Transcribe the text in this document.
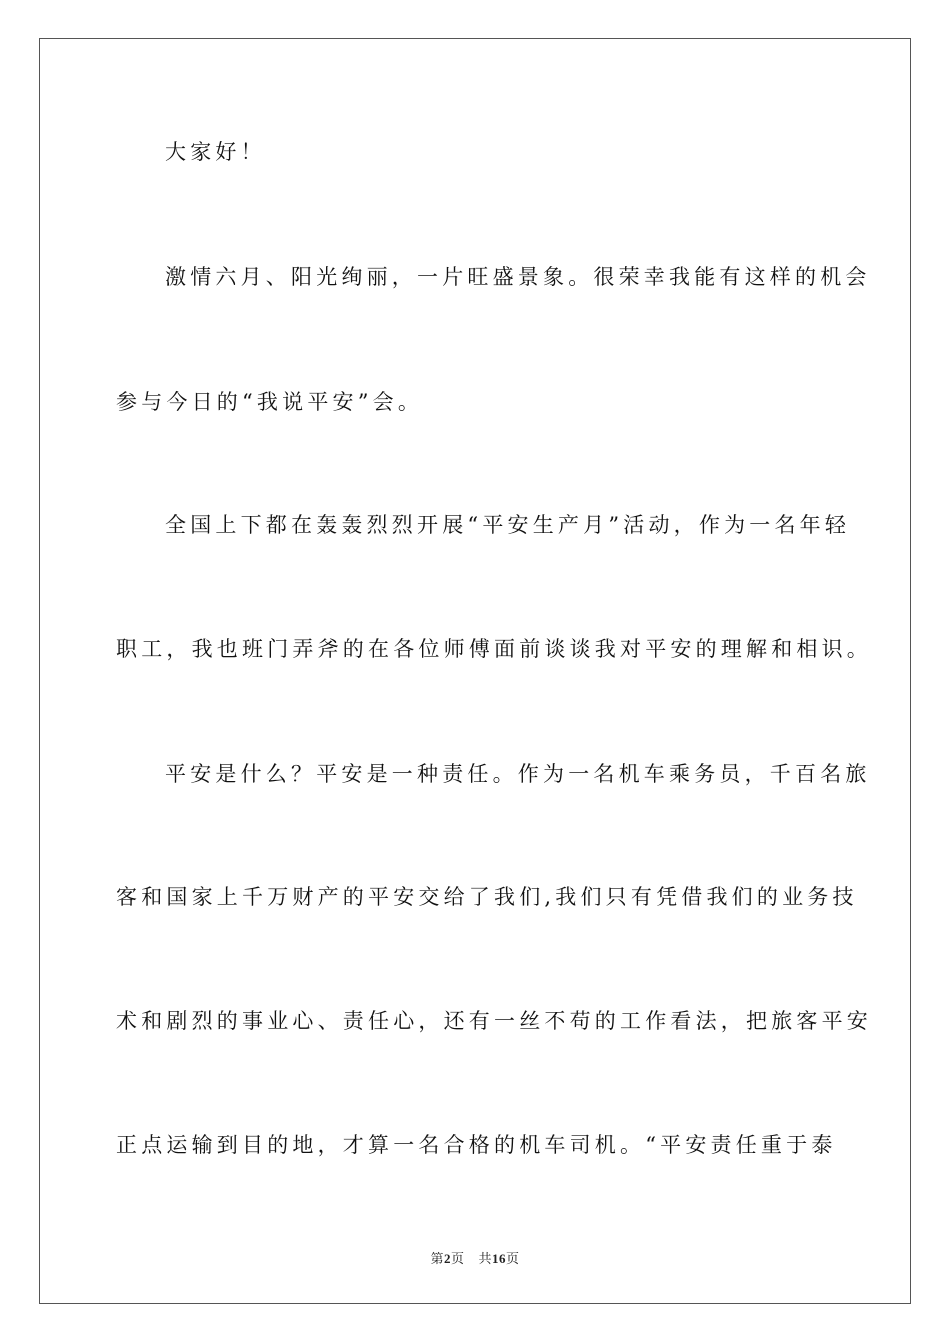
大家好！
激情六月、阳光绚丽，一片旺盛景象。很荣幸我能有这样的机会
参与今日的“我说平安”会。
全国上下都在轰轰烈烈开展“平安生产月”活动，作为一名年轻
职工，我也班门弄斧的在各位师傅面前谈谈我对平安的理解和相识。
平安是什么？平安是一种责任。作为一名机车乘务员，千百名旅
客和国家上千万财产的平安交给了我们,我们只有凭借我们的业务技
术和剧烈的事业心、责任心，还有一丝不苟的工作看法，把旅客平安
正点运输到目的地，才算一名合格的机车司机。“平安责任重于泰
第2页 共16页
